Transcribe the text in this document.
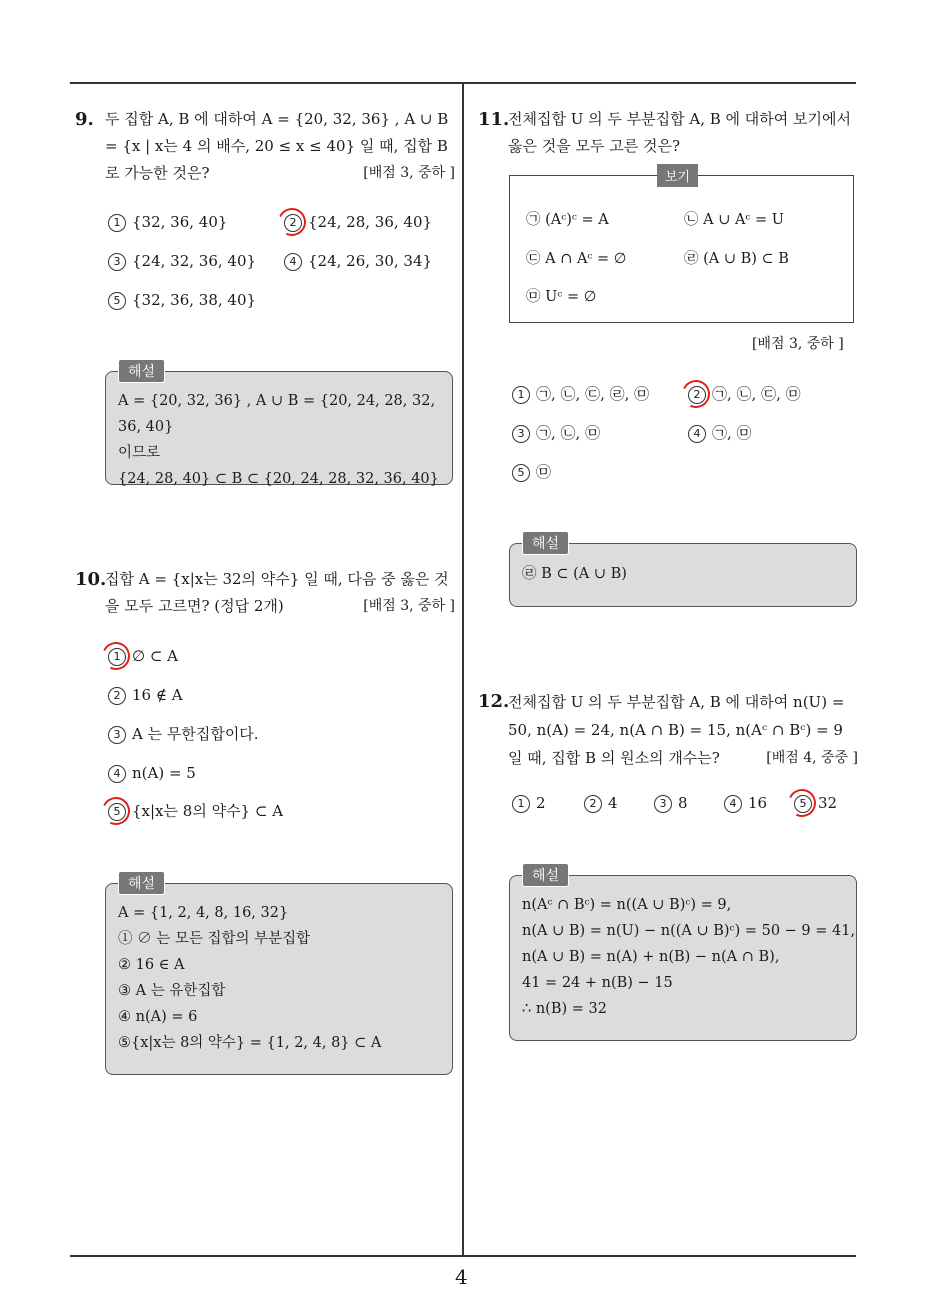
4
9. 두 집합 A, B 에 대하여 A = {20, 32, 36} , A ∪ B = {x | x는 4 의 배수, 20 ≤ x ≤ 40} 일 때, 집합 B 로 가능한 것은?	[배점 3, 중하 ]
1 {32, 36, 40}	2 {24, 28, 36, 40}
3 {24, 32, 36, 40}	4 {24, 26, 30, 34}
5 {32, 36, 38, 40}
A = {20, 32, 36} , A ∪ B = {20, 24, 28, 32, 36, 40}
이므로
{24, 28, 40} ⊂ B ⊂ {20, 24, 28, 32, 36, 40}
해설
10.
집합 A = {x|x는 32의 약수} 일 때, 다음 중 옳은 것을 모두 고르면? (정답 2개)	[배점 3, 중하 ]
1 ∅ ⊂ A
2 16 ∉ A
3 A 는 무한집합이다.
4 n(A) = 5
5 {x|x는 8의 약수} ⊂ A
A = {1, 2, 4, 8, 16, 32}
① ∅ 는 모든 집합의 부분집합
② 16 ∈ A
③ A 는 유한집합
④ n(A) = 6
⑤{x|x는 8의 약수} = {1, 2, 4, 8} ⊂ A
해설
11.
전체집합 U 의 두 부분집합 A, B 에 대하여 보기에서 옳은 것을 모두 고른 것은?
㉠ (Aᶜ)ᶜ = A	㉡ A ∪ Aᶜ = U
㉢ A ∩ Aᶜ = ∅	㉣ (A ∪ B) ⊂ B
㉤ Uᶜ = ∅
보기
[배점 3, 중하 ]
1 ㉠, ㉡, ㉢, ㉣, ㉤	2 ㉠, ㉡, ㉢, ㉤
3 ㉠, ㉡, ㉤	4 ㉠, ㉤
5 ㉤
㉣ B ⊂ (A ∪ B)
해설
12.
전체집합 U 의 두 부분집합 A, B 에 대하여 n(U) = 50, n(A) = 24, n(A ∩ B) = 15, n(Aᶜ ∩ Bᶜ) = 9 일 때, 집합 B 의 원소의 개수는?	[배점 4, 중중 ]
1 2	2 4	3 8	4 16	5 32
n(Aᶜ ∩ Bᶜ) = n((A ∪ B)ᶜ) = 9,
n(A ∪ B) = n(U) − n((A ∪ B)ᶜ) = 50 − 9 = 41,
n(A ∪ B) = n(A) + n(B) − n(A ∩ B),
41 = 24 + n(B) − 15
∴ n(B) = 32
해설
